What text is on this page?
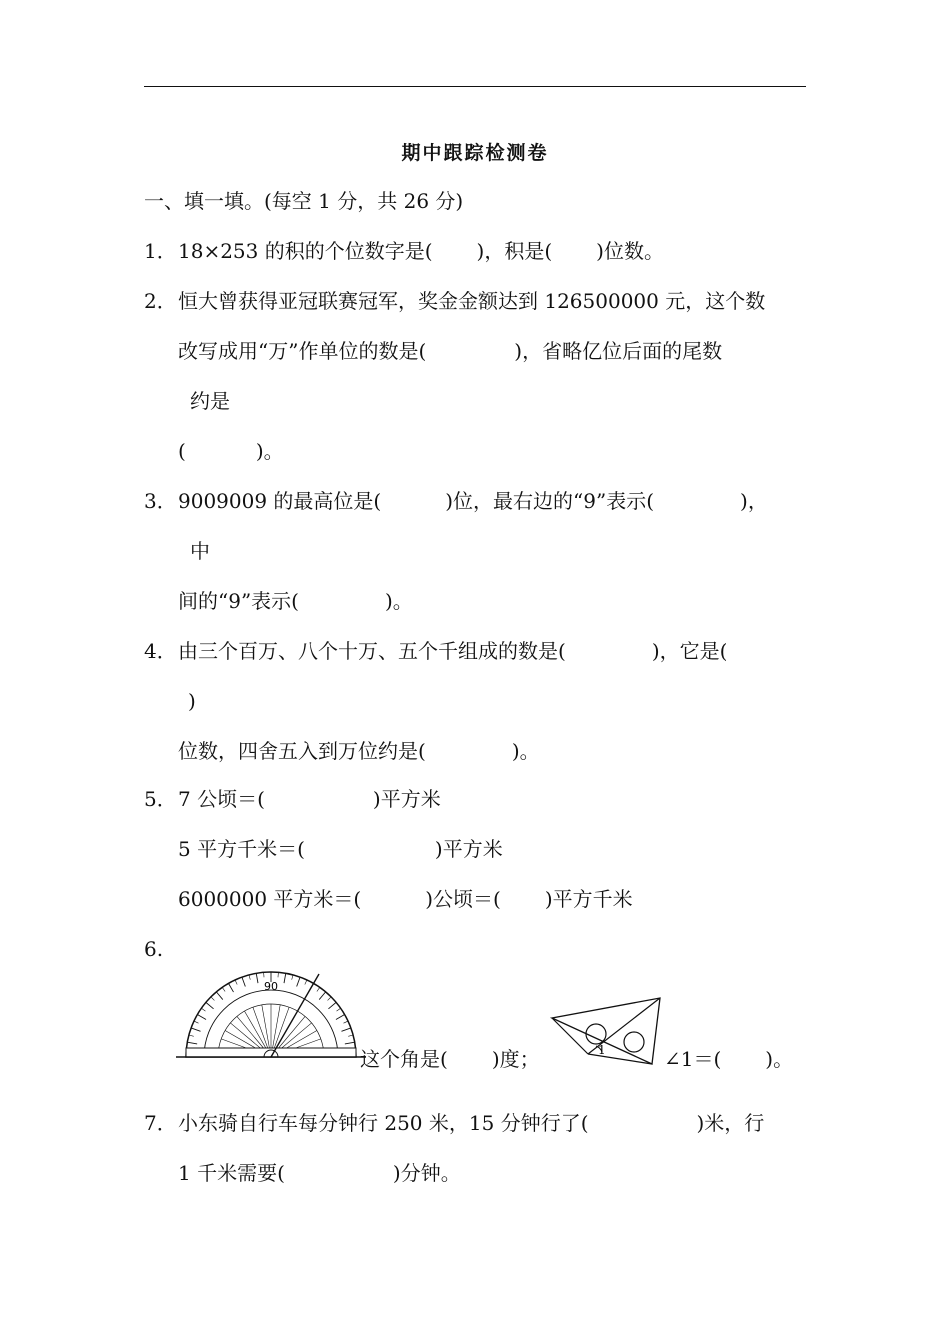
期中跟踪检测卷
一、填一填。(每空 1 分，共 26 分)
1．18×253 的积的个位数字是( )，积是( )位数。
2．恒大曾获得亚冠联赛冠军，奖金金额达到 126500000 元，这个数
改写成用“万”作单位的数是(	)，省略亿位后面的尾数
约是
(	)。
3．9009009 的最高位是(	)位，最右边的“9”表示(	)，
中
间的“9”表示(	)。
4．由三个百万、八个十万、五个千组成的数是(	)，它是(
)
位数，四舍五入到万位约是(	)。
5．7 公顷＝(	)平方米
5 平方千米＝(	)平方米
6000000 平方米＝(	)公顷＝( )平方千米
6.
90
这个角是( )度；	1	∠1＝( )。
7．小东骑自行车每分钟行 250 米，15 分钟行了(	)米，行
1 千米需要(	)分钟。
